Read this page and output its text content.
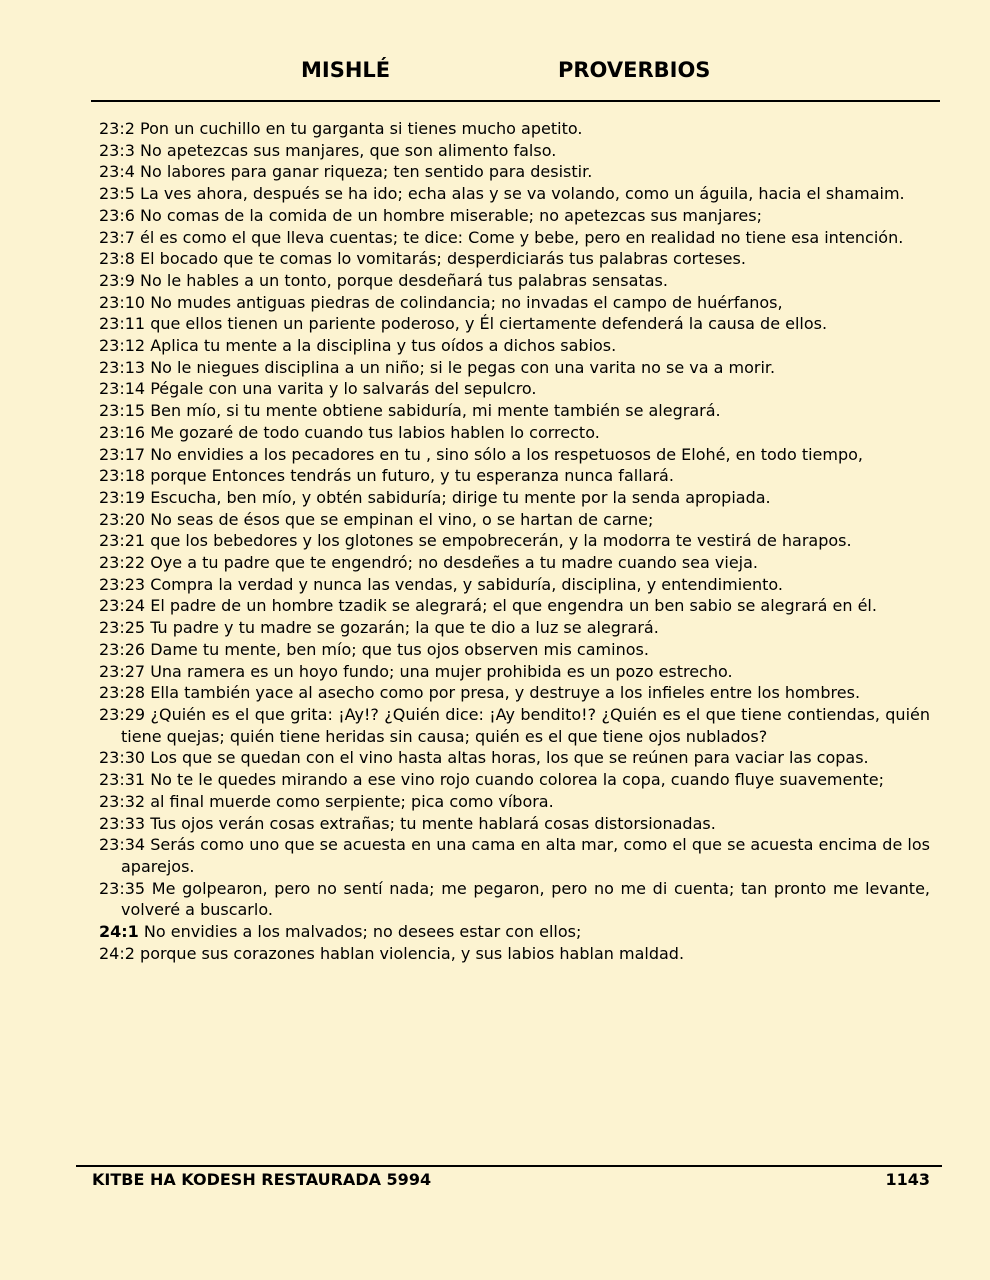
MISHLÉ	PROVERBIOS
23:2 Pon un cuchillo en tu garganta si tienes mucho apetito.
23:3 No apetezcas sus manjares, que son alimento falso.
23:4 No labores para ganar riqueza; ten sentido para desistir.
23:5 La ves ahora, después se ha ido; echa alas y se va volando, como un águila, hacia el shamaim.
23:6 No comas de la comida de un hombre miserable; no apetezcas sus manjares;
23:7 él es como el que lleva cuentas; te dice: Come y bebe, pero en realidad no tiene esa intención.
23:8 El bocado que te comas lo vomitarás; desperdiciarás tus palabras corteses.
23:9 No le hables a un tonto, porque desdeñará tus palabras sensatas.
23:10 No mudes antiguas piedras de colindancia; no invadas el campo de huérfanos,
23:11 que ellos tienen un pariente poderoso, y Él ciertamente defenderá la causa de ellos.
23:12 Aplica tu mente a la disciplina y tus oídos a dichos sabios.
23:13 No le niegues disciplina a un niño; si le pegas con una varita no se va a morir.
23:14 Pégale con una varita y lo salvarás del sepulcro.
23:15 Ben mío, si tu mente obtiene sabiduría, mi mente también se alegrará.
23:16 Me gozaré de todo cuando tus labios hablen lo correcto.
23:17 No envidies a los pecadores en tu , sino sólo a los respetuosos de Elohé, en todo tiempo,
23:18 porque Entonces tendrás un futuro, y tu esperanza nunca fallará.
23:19 Escucha, ben mío, y obtén sabiduría; dirige tu mente por la senda apropiada.
23:20 No seas de ésos que se empinan el vino, o se hartan de carne;
23:21 que los bebedores y los glotones se empobrecerán, y la modorra te vestirá de harapos.
23:22 Oye a tu padre que te engendró; no desdeñes a tu madre cuando sea vieja.
23:23 Compra la verdad y nunca las vendas, y sabiduría, disciplina, y entendimiento.
23:24 El padre de un hombre tzadik se alegrará; el que engendra un ben sabio se alegrará en él.
23:25 Tu padre y tu madre se gozarán; la que te dio a luz se alegrará.
23:26 Dame tu mente, ben mío; que tus ojos observen mis caminos.
23:27 Una ramera es un hoyo fundo; una mujer prohibida es un pozo estrecho.
23:28 Ella también yace al asecho como por presa, y destruye a los infieles entre los hombres.
23:29 ¿Quién es el que grita: ¡Ay!? ¿Quién dice: ¡Ay bendito!? ¿Quién es el que tiene contiendas, quién tiene quejas; quién tiene heridas sin causa; quién es el que tiene ojos nublados?
23:30 Los que se quedan con el vino hasta altas horas, los que se reúnen para vaciar las copas.
23:31 No te le quedes mirando a ese vino rojo cuando colorea la copa, cuando fluye suavemente;
23:32 al final muerde como serpiente; pica como víbora.
23:33 Tus ojos verán cosas extrañas; tu mente hablará cosas distorsionadas.
23:34 Serás como uno que se acuesta en una cama en alta mar, como el que se acuesta encima de los aparejos.
23:35 Me golpearon, pero no sentí nada; me pegaron, pero no me di cuenta; tan pronto me levante, volveré a buscarlo.
24:1 No envidies a los malvados; no desees estar con ellos;
24:2 porque sus corazones hablan violencia, y sus labios hablan maldad.
KITBE HA KODESH RESTAURADA 5994	1143
